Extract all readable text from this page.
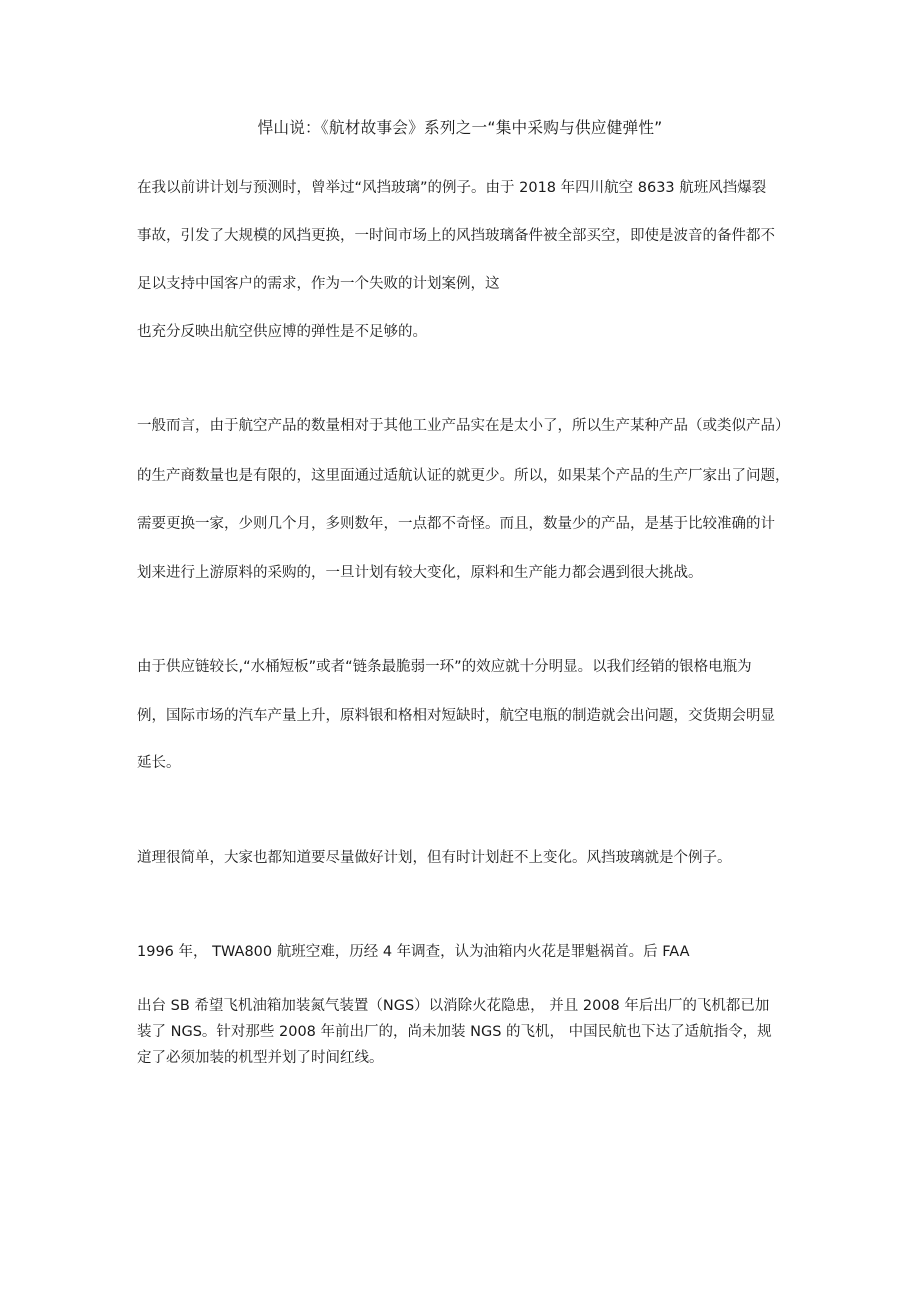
悍山说：《航材故事会》系列之一“集中采购与供应健弹性”
在我以前讲计划与预测时，曾举过“风挡玻璃”的例子。由于 2018 年四川航空 8633 航班风挡爆裂
事故，引发了大规模的风挡更换，一时间市场上的风挡玻璃备件被全部买空，即使是波音的备件都不
足以支持中国客户的需求，作为一个失败的计划案例，这
也充分反映出航空供应博的弹性是不足够的。
一般而言，由于航空产品的数量相对于其他工业产品实在是太小了，所以生产某种产品（或类似产品）
的生产商数量也是有限的，这里面通过适航认证的就更少。所以，如果某个产品的生产厂家出了问题，
需要更换一家，少则几个月，多则数年，一点都不奇怪。而且，数量少的产品，是基于比较准确的计
划来进行上游原料的采购的，一旦计划有较大变化，原料和生产能力都会遇到很大挑战。
由于供应链较长,“水桶短板”或者“链条最脆弱一环”的效应就十分明显。以我们经销的银格电瓶为
例，国际市场的汽车产量上升，原料银和格相对短缺时，航空电瓶的制造就会出问题，交货期会明显
延长。
道理很简单，大家也都知道要尽量做好计划，但有时计划赶不上变化。风挡玻璃就是个例子。
1996 年， TWA800 航班空难，历经 4 年调查，认为油箱内火花是罪魁祸首。后 FAA
出台 SB 希望飞机油箱加装氮气装置（NGS）以消除火花隐患， 并且 2008 年后出厂的飞机都已加
装了 NGS。针对那些 2008 年前出厂的，尚未加装 NGS 的飞机， 中国民航也下达了适航指令，规
定了必须加装的机型并划了时间红线。
